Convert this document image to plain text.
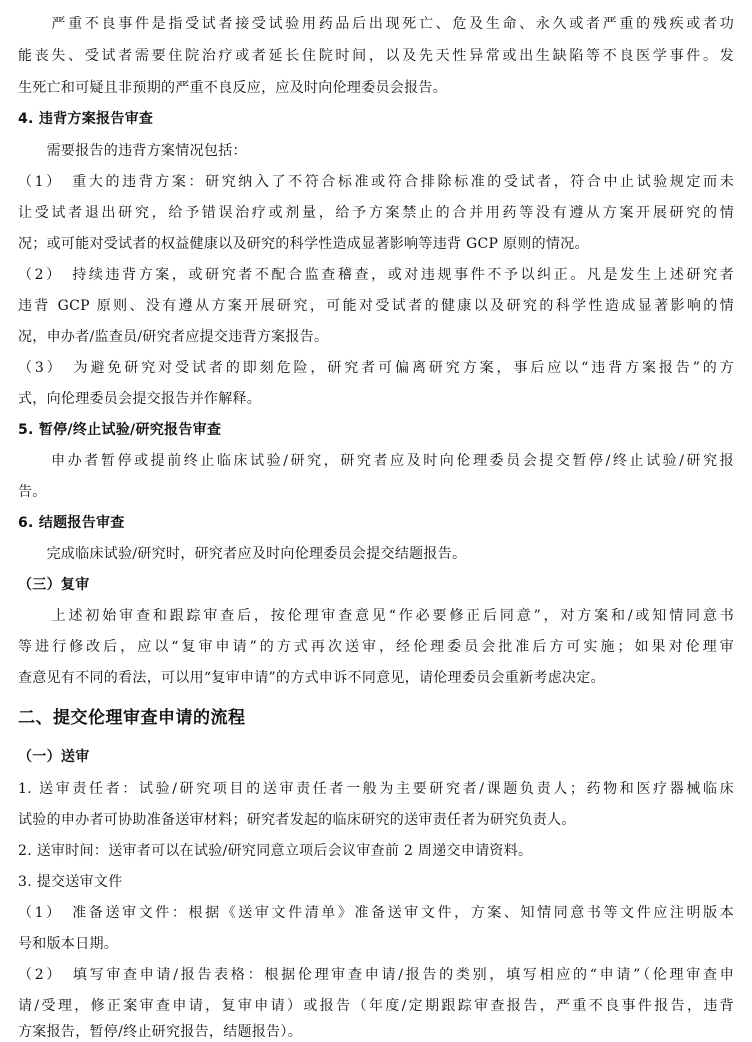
　　严重不良事件是指受试者接受试验用药品后出现死亡、危及生命、永久或者严重的残疾或者功
能丧失、受试者需要住院治疗或者延长住院时间，以及先天性异常或出生缺陷等不良医学事件。发
生死亡和可疑且非预期的严重不良反应，应及时向伦理委员会报告。
4. 违背方案报告审查
　　需要报告的违背方案情况包括：
（1）　重大的违背方案：研究纳入了不符合标准或符合排除标准的受试者，符合中止试验规定而未
让受试者退出研究，给予错误治疗或剂量，给予方案禁止的合并用药等没有遵从方案开展研究的情
况；或可能对受试者的权益健康以及研究的科学性造成显著影响等违背 GCP 原则的情况。
（2）　持续违背方案，或研究者不配合监查稽查，或对违规事件不予以纠正。凡是发生上述研究者
违背 GCP 原则、没有遵从方案开展研究，可能对受试者的健康以及研究的科学性造成显著影响的情
况，申办者/监查员/研究者应提交违背方案报告。
（3）　为避免研究对受试者的即刻危险，研究者可偏离研究方案，事后应以“违背方案报告”的方
式，向伦理委员会提交报告并作解释。
5. 暂停/终止试验/研究报告审查
　　申办者暂停或提前终止临床试验/研究，研究者应及时向伦理委员会提交暂停/终止试验/研究报
告。
6. 结题报告审查
　　完成临床试验/研究时，研究者应及时向伦理委员会提交结题报告。
（三）复审
　　上述初始审查和跟踪审查后，按伦理审查意见“作必要修正后同意”，对方案和/或知情同意书
等进行修改后，应以“复审申请”的方式再次送审，经伦理委员会批准后方可实施；如果对伦理审
查意见有不同的看法，可以用“复审申请”的方式申诉不同意见，请伦理委员会重新考虑决定。
二、提交伦理审查申请的流程
（一）送审
1. 送审责任者：试验/研究项目的送审责任者一般为主要研究者/课题负责人；药物和医疗器械临床
试验的申办者可协助准备送审材料；研究者发起的临床研究的送审责任者为研究负责人。
2. 送审时间：送审者可以在试验/研究同意立项后会议审查前 2 周递交申请资料。
3. 提交送审文件
（1）　准备送审文件：根据《送审文件清单》准备送审文件，方案、知情同意书等文件应注明版本
号和版本日期。
（2）　填写审查申请/报告表格：根据伦理审查申请/报告的类别，填写相应的“申请”（伦理审查申
请/受理，修正案审查申请，复审申请）或报告（年度/定期跟踪审查报告，严重不良事件报告，违背
方案报告，暂停/终止研究报告，结题报告）。
